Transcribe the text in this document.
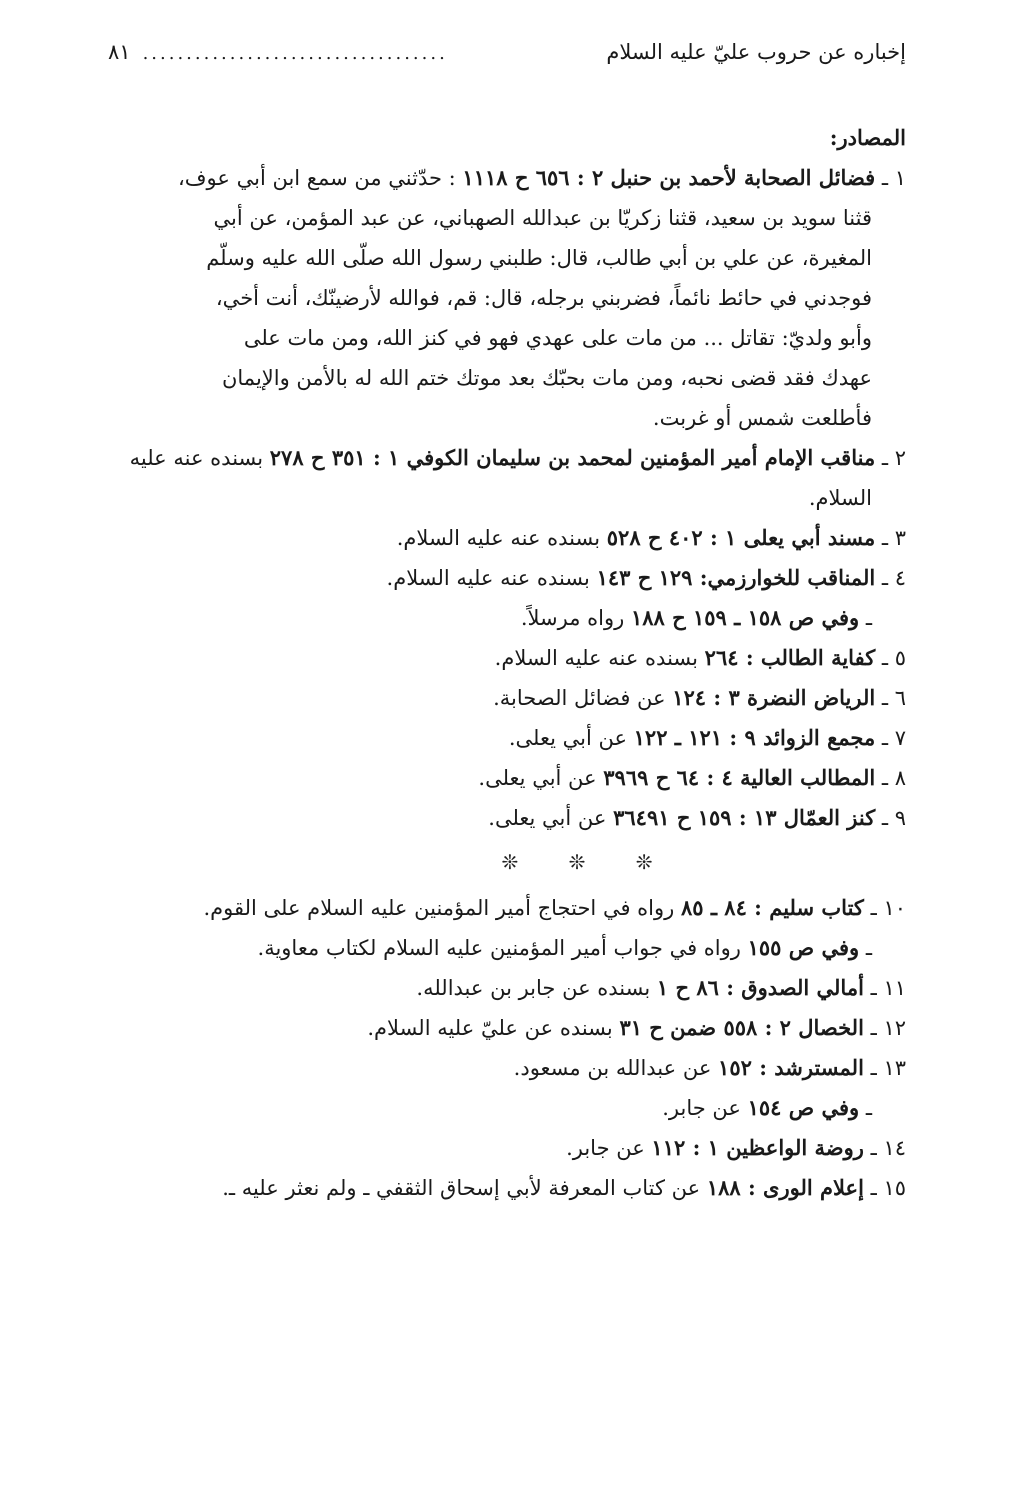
إخباره عن حروب عليّ عليه السلام
...................................
٨١
المصادر:
١ ـ فضائل الصحابة لأحمد بن حنبل ٢ : ٦٥٦ ح ١١١٨ : حدّثني من سمع ابن أبي عوف،
قثنا سويد بن سعيد، قثنا زكريّا بن عبدالله الصهباني، عن عبد المؤمن، عن أبي
المغيرة، عن علي بن أبي طالب، قال: طلبني رسول الله صلّى الله عليه وسلّم
فوجدني في حائط نائماً، فضربني برجله، قال: قم، فوالله لأرضينّك، أنت أخي،
وأبو ولديّ: تقاتل ... من مات على عهدي فهو في كنز الله، ومن مات على
عهدك فقد قضى نحبه، ومن مات بحبّك بعد موتك ختم الله له بالأمن والإيمان
فأطلعت شمس أو غربت.
٢ ـ مناقب الإمام أمير المؤمنين لمحمد بن سليمان الكوفي ١ : ٣٥١ ح ٢٧٨ بسنده عنه عليه
السلام.
٣ ـ مسند أبي يعلى ١ : ٤٠٢ ح ٥٢٨ بسنده عنه عليه السلام.
٤ ـ المناقب للخوارزمي: ١٢٩ ح ١٤٣ بسنده عنه عليه السلام.
ـ وفي ص ١٥٨ ـ ١٥٩ ح ١٨٨ رواه مرسلاً.
٥ ـ كفاية الطالب : ٢٦٤ بسنده عنه عليه السلام.
٦ ـ الرياض النضرة ٣ : ١٢٤ عن فضائل الصحابة.
٧ ـ مجمع الزوائد ٩ : ١٢١ ـ ١٢٢ عن أبي يعلى.
٨ ـ المطالب العالية ٤ : ٦٤ ح ٣٩٦٩ عن أبي يعلى.
٩ ـ كنز العمّال ١٣ : ١٥٩ ح ٣٦٤٩١ عن أبي يعلى.
❊ ❊ ❊
١٠ ـ كتاب سليم : ٨٤ ـ ٨٥ رواه في احتجاج أمير المؤمنين عليه السلام على القوم.
ـ وفي ص ١٥٥ رواه في جواب أمير المؤمنين عليه السلام لكتاب معاوية.
١١ ـ أمالي الصدوق : ٨٦ ح ١ بسنده عن جابر بن عبدالله.
١٢ ـ الخصال ٢ : ٥٥٨ ضمن ح ٣١ بسنده عن عليّ عليه السلام.
١٣ ـ المسترشد : ١٥٢ عن عبدالله بن مسعود.
ـ وفي ص ١٥٤ عن جابر.
١٤ ـ روضة الواعظين ١ : ١١٢ عن جابر.
١٥ ـ إعلام الورى : ١٨٨ عن كتاب المعرفة لأبي إسحاق الثقفي ـ ولم نعثر عليه ـ.
